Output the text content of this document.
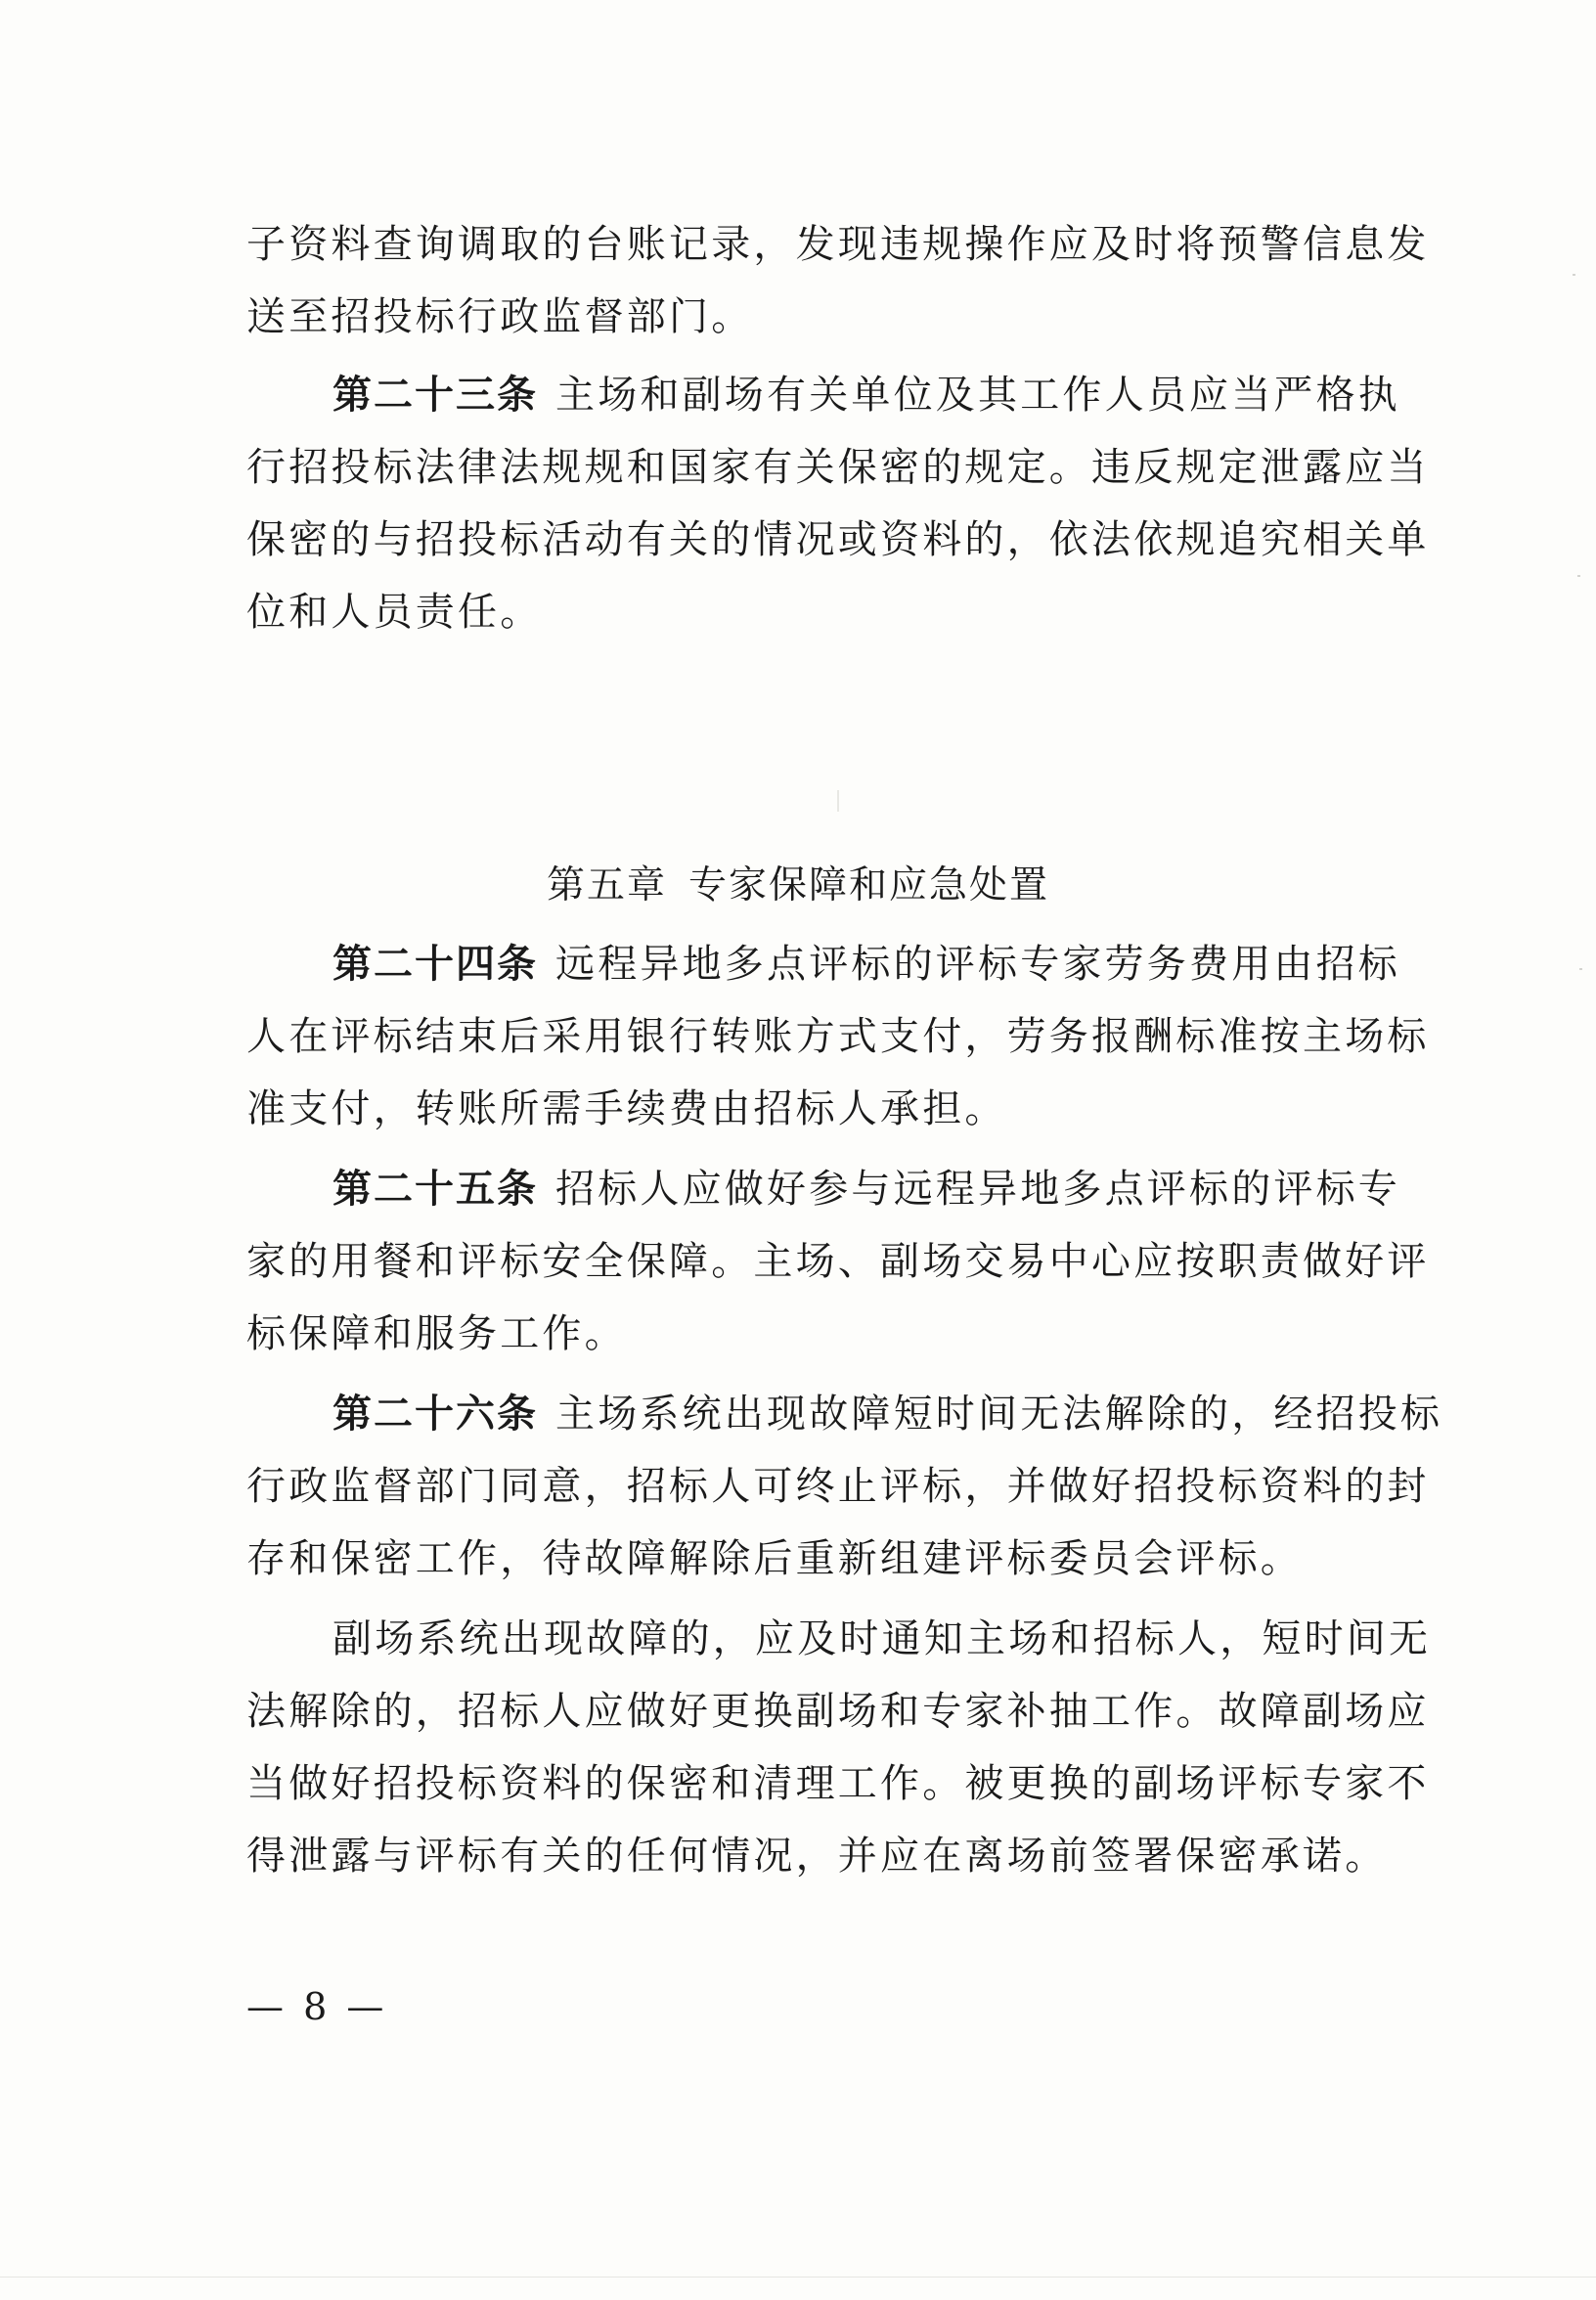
子资料查询调取的台账记录，发现违规操作应及时将预警信息发
送至招投标行政监督部门。
第二十三条 主场和副场有关单位及其工作人员应当严格执
行招投标法律法规规和国家有关保密的规定。违反规定泄露应当
保密的与招投标活动有关的情况或资料的，依法依规追究相关单
位和人员责任。
第五章 专家保障和应急处置
第二十四条 远程异地多点评标的评标专家劳务费用由招标
人在评标结束后采用银行转账方式支付，劳务报酬标准按主场标
准支付，转账所需手续费由招标人承担。
第二十五条 招标人应做好参与远程异地多点评标的评标专
家的用餐和评标安全保障。主场、副场交易中心应按职责做好评
标保障和服务工作。
第二十六条 主场系统出现故障短时间无法解除的，经招投标
行政监督部门同意，招标人可终止评标，并做好招投标资料的封
存和保密工作，待故障解除后重新组建评标委员会评标。
副场系统出现故障的，应及时通知主场和招标人，短时间无
法解除的，招标人应做好更换副场和专家补抽工作。故障副场应
当做好招投标资料的保密和清理工作。被更换的副场评标专家不
得泄露与评标有关的任何情况，并应在离场前签署保密承诺。
— 8 —
